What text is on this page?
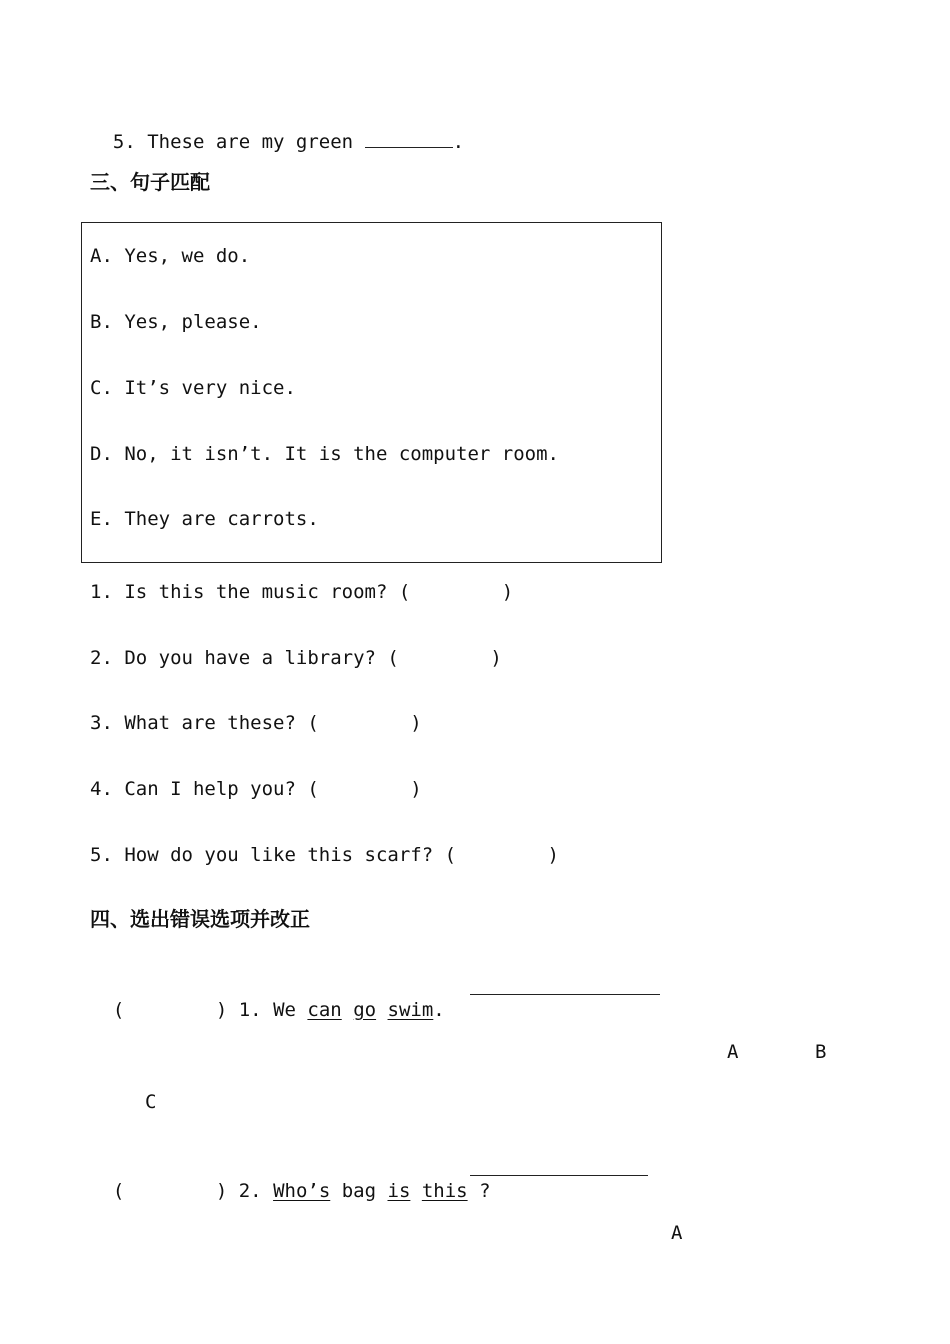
5. These are my green	.

三、句子匹配
A. Yes, we do.
B. Yes, please.
C. It’s very nice.
D. No, it isn’t. It is the computer room.
E. They are carrots.
1. Is this the music room? (        )
2. Do you have a library? (        )
3. What are these? (        )
4. Can I help you? (        )
5. How do you like this scarf? (        )
四、选出错误选项并改正

(        ) 1. We can go swim.

A	B
C

(        ) 2. Who’s bag is this ?

A
